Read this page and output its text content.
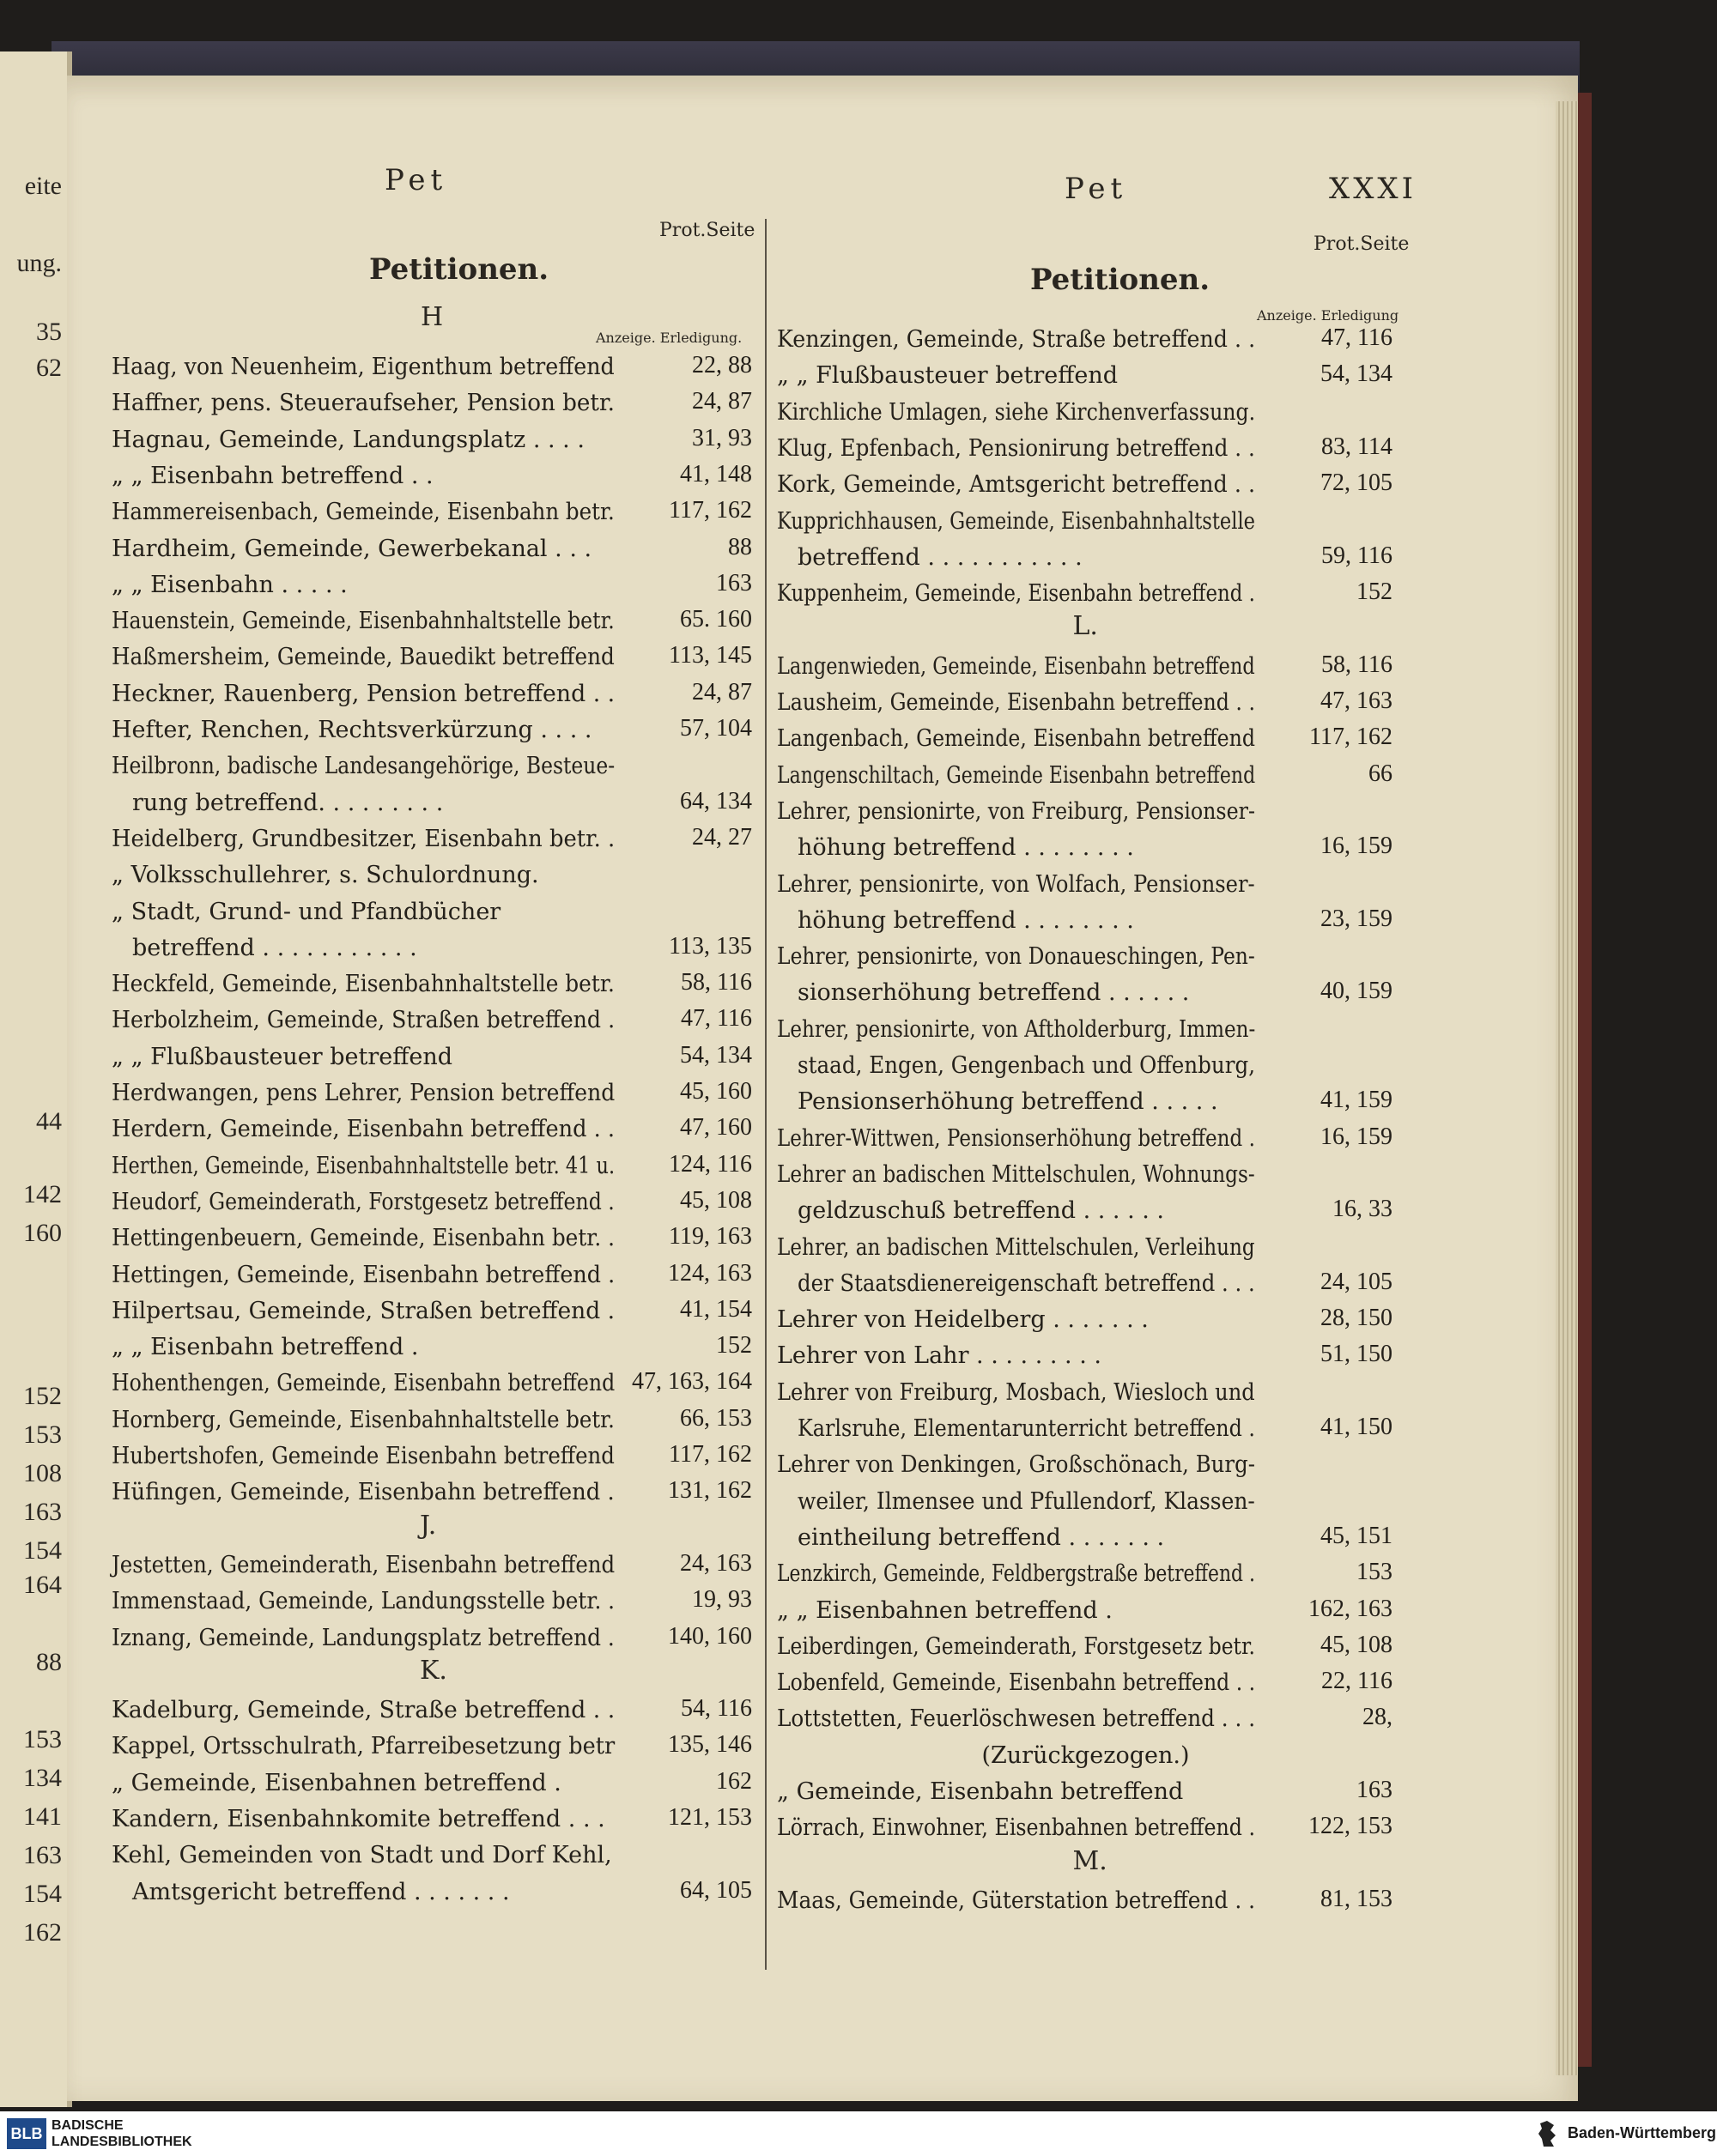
eite
ung.
35
62
44
142
160
152
153
108
163
154
164
88
153
134
141
163
154
162
Pet	Pet	XXXI
Prot.Seite
Prot.Seite
Petitionen.	Petitionen.
H
Anzeige. Erledigung.
Anzeige. Erledigung
Haag, von Neuenheim, Eigenthum betreffend	22, 88
Haffner, pens. Steueraufseher, Pension betr.	24, 87
Hagnau, Gemeinde, Landungsplatz . . . .	31, 93
„ „ Eisenbahn betreffend . .	41, 148
Hammereisenbach, Gemeinde, Eisenbahn betr.	117, 162
Hardheim, Gemeinde, Gewerbekanal . . .	88
„ „ Eisenbahn . . . . .	163
Hauenstein, Gemeinde, Eisenbahnhaltstelle betr.	65. 160
Haßmersheim, Gemeinde, Bauedikt betreffend	113, 145
Heckner, Rauenberg, Pension betreffend . .	24, 87
Hefter, Renchen, Rechtsverkürzung . . . .	57, 104
Heilbronn, badische Landesangehörige, Besteue-
rung betreffend. . . . . . . . .	64, 134
Heidelberg, Grundbesitzer, Eisenbahn betr. .	24, 27
„ Volksschullehrer, s. Schulordnung.
„ Stadt, Grund- und Pfandbücher
betreffend . . . . . . . . . . .	113, 135
Heckfeld, Gemeinde, Eisenbahnhaltstelle betr.	58, 116
Herbolzheim, Gemeinde, Straßen betreffend .	47, 116
„ „ Flußbausteuer betreffend	54, 134
Herdwangen, pens Lehrer, Pension betreffend	45, 160
Herdern, Gemeinde, Eisenbahn betreffend . .	47, 160
Herthen, Gemeinde, Eisenbahnhaltstelle betr. 41 u.	124, 116
Heudorf, Gemeinderath, Forstgesetz betreffend .	45, 108
Hettingenbeuern, Gemeinde, Eisenbahn betr. .	119, 163
Hettingen, Gemeinde, Eisenbahn betreffend .	124, 163
Hilpertsau, Gemeinde, Straßen betreffend .	41, 154
„ „ Eisenbahn betreffend .	152
Hohenthengen, Gemeinde, Eisenbahn betreffend 47, 163, 164
Hornberg, Gemeinde, Eisenbahnhaltstelle betr.	66, 153
Hubertshofen, Gemeinde Eisenbahn betreffend	117, 162
Hüfingen, Gemeinde, Eisenbahn betreffend .	131, 162
J.
Jestetten, Gemeinderath, Eisenbahn betreffend	24, 163
Immenstaad, Gemeinde, Landungsstelle betr. .	19, 93
Iznang, Gemeinde, Landungsplatz betreffend .	140, 160
K.
Kadelburg, Gemeinde, Straße betreffend . .	54, 116
Kappel, Ortsschulrath, Pfarreibesetzung betr	135, 146
„ Gemeinde, Eisenbahnen betreffend .	162
Kandern, Eisenbahnkomite betreffend . . .	121, 153
Kehl, Gemeinden von Stadt und Dorf Kehl,
Amtsgericht betreffend . . . . . . .	64, 105
Kenzingen, Gemeinde, Straße betreffend . .	47, 116
„ „ Flußbausteuer betreffend	54, 134
Kirchliche Umlagen, siehe Kirchenverfassung.
Klug, Epfenbach, Pensionirung betreffend . .	83, 114
Kork, Gemeinde, Amtsgericht betreffend . .	72, 105
Kupprichhausen, Gemeinde, Eisenbahnhaltstelle
betreffend . . . . . . . . . . .	59, 116
Kuppenheim, Gemeinde, Eisenbahn betreffend .	152
L.
Langenwieden, Gemeinde, Eisenbahn betreffend	58, 116
Lausheim, Gemeinde, Eisenbahn betreffend . .	47, 163
Langenbach, Gemeinde, Eisenbahn betreffend	117, 162
Langenschiltach, Gemeinde Eisenbahn betreffend	66
Lehrer, pensionirte, von Freiburg, Pensionser-
höhung betreffend . . . . . . . .	16, 159
Lehrer, pensionirte, von Wolfach, Pensionser-
höhung betreffend . . . . . . . .	23, 159
Lehrer, pensionirte, von Donaueschingen, Pen-
sionserhöhung betreffend . . . . . .	40, 159
Lehrer, pensionirte, von Aftholderburg, Immen-
staad, Engen, Gengenbach und Offenburg,
Pensionserhöhung betreffend . . . . .	41, 159
Lehrer-Wittwen, Pensionserhöhung betreffend .	16, 159
Lehrer an badischen Mittelschulen, Wohnungs-
geldzuschuß betreffend . . . . . .	16, 33
Lehrer, an badischen Mittelschulen, Verleihung
der Staatsdienereigenschaft betreffend . . .	24, 105
Lehrer von Heidelberg . . . . . . .	28, 150
Lehrer von Lahr . . . . . . . . .	51, 150
Lehrer von Freiburg, Mosbach, Wiesloch und
Karlsruhe, Elementarunterricht betreffend .	41, 150
Lehrer von Denkingen, Großschönach, Burg-
weiler, Ilmensee und Pfullendorf, Klassen-
eintheilung betreffend . . . . . . .	45, 151
Lenzkirch, Gemeinde, Feldbergstraße betreffend .	153
„ „ Eisenbahnen betreffend .	162, 163
Leiberdingen, Gemeinderath, Forstgesetz betr.	45, 108
Lobenfeld, Gemeinde, Eisenbahn betreffend . .	22, 116
Lottstetten, Feuerlöschwesen betreffend . . .	28,
(Zurückgezogen.)
„ Gemeinde, Eisenbahn betreffend	163
Lörrach, Einwohner, Eisenbahnen betreffend .	122, 153
M.
Maas, Gemeinde, Güterstation betreffend . .	81, 153
BLB BADISCHE
LANDESBIBLIOTHEK
Baden-Württemberg
